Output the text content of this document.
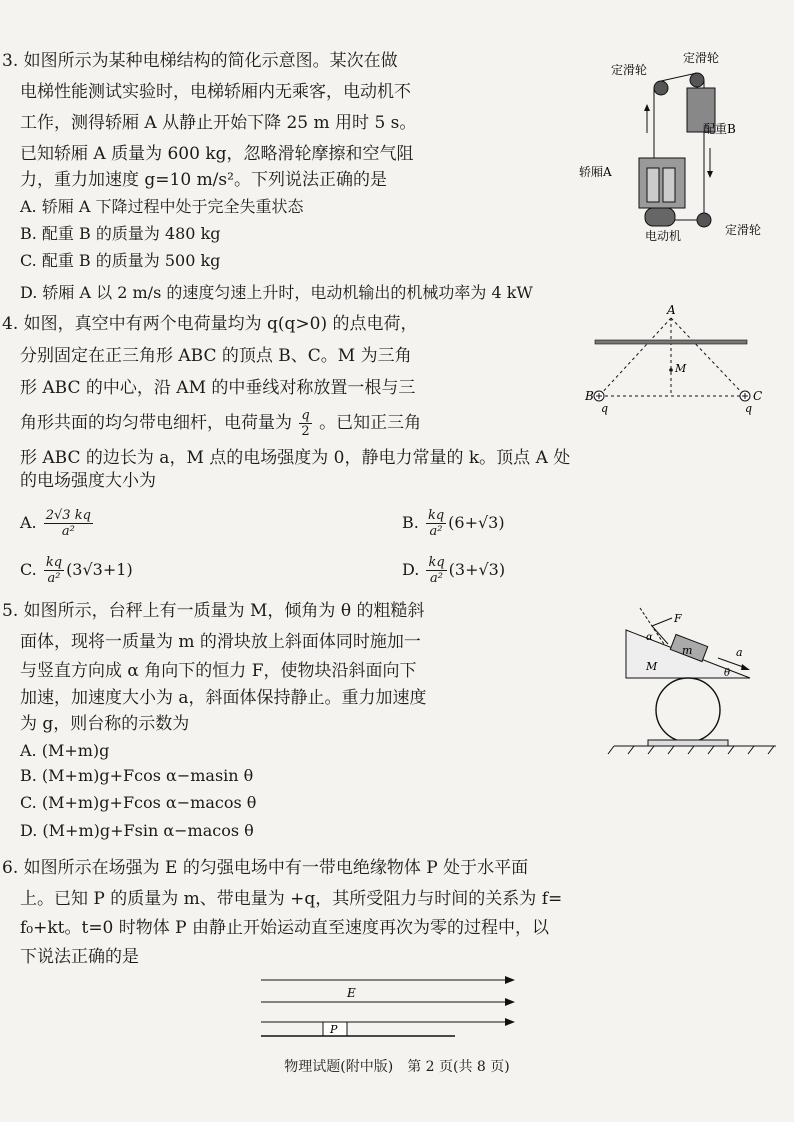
3. 如图所示为某种电梯结构的简化示意图。某次在做
电梯性能测试实验时，电梯轿厢内无乘客，电动机不
工作，测得轿厢 A 从静止开始下降 25 m 用时 5 s。
已知轿厢 A 质量为 600 kg，忽略滑轮摩擦和空气阻
力，重力加速度 g=10 m/s²。下列说法正确的是
A. 轿厢 A 下降过程中处于完全失重状态
B. 配重 B 的质量为 480 kg
C. 配重 B 的质量为 500 kg
D. 轿厢 A 以 2 m/s 的速度匀速上升时，电动机输出的机械功率为 4 kW
定滑轮
定滑轮
配重B
轿厢A
电动机	定滑轮
4. 如图，真空中有两个电荷量均为 q(q>0) 的点电荷，
分别固定在正三角形 ABC 的顶点 B、C。M 为三角
形 ABC 的中心，沿 AM 的中垂线对称放置一根与三
角形共面的均匀带电细杆，电荷量为 $\frac{q}{2}$ 。已知正三角
形 ABC 的边长为 a，M 点的电场强度为 0，静电力常量的 k。顶点 A 处
的电场强度大小为
A. $\frac{2√3 kq}{\text{a²}}$	B. $\frac{kq}{\text{a²}} (6+√3)$
C. $\frac{kq}{\text{a²}} (3√3+1)$	D. $\frac{kq}{\text{a²}} (3+√3)$
A
M
B	C
q	q
5. 如图所示，台秤上有一质量为 M，倾角为 θ 的粗糙斜
面体，现将一质量为 m 的滑块放上斜面体同时施加一
与竖直方向成 α 角向下的恒力 F，使物块沿斜面向下
加速，加速度大小为 a，斜面体保持静止。重力加速度
为 g，则台称的示数为
A. (M+m)g
B. (M+m)g+Fcos α−masin θ
C. (M+m)g+Fcos α−macos θ
D. (M+m)g+Fsin α−macos θ
F
α
m	a
M
θ
6. 如图所示在场强为 E 的匀强电场中有一带电绝缘物体 P 处于水平面
上。已知 P 的质量为 m、带电量为 +q，其所受阻力与时间的关系为 f=
f₀+kt。t=0 时物体 P 由静止开始运动直至速度再次为零的过程中，以
下说法正确的是
E
P
物理试题(附中版)　第 2 页(共 8 页)
